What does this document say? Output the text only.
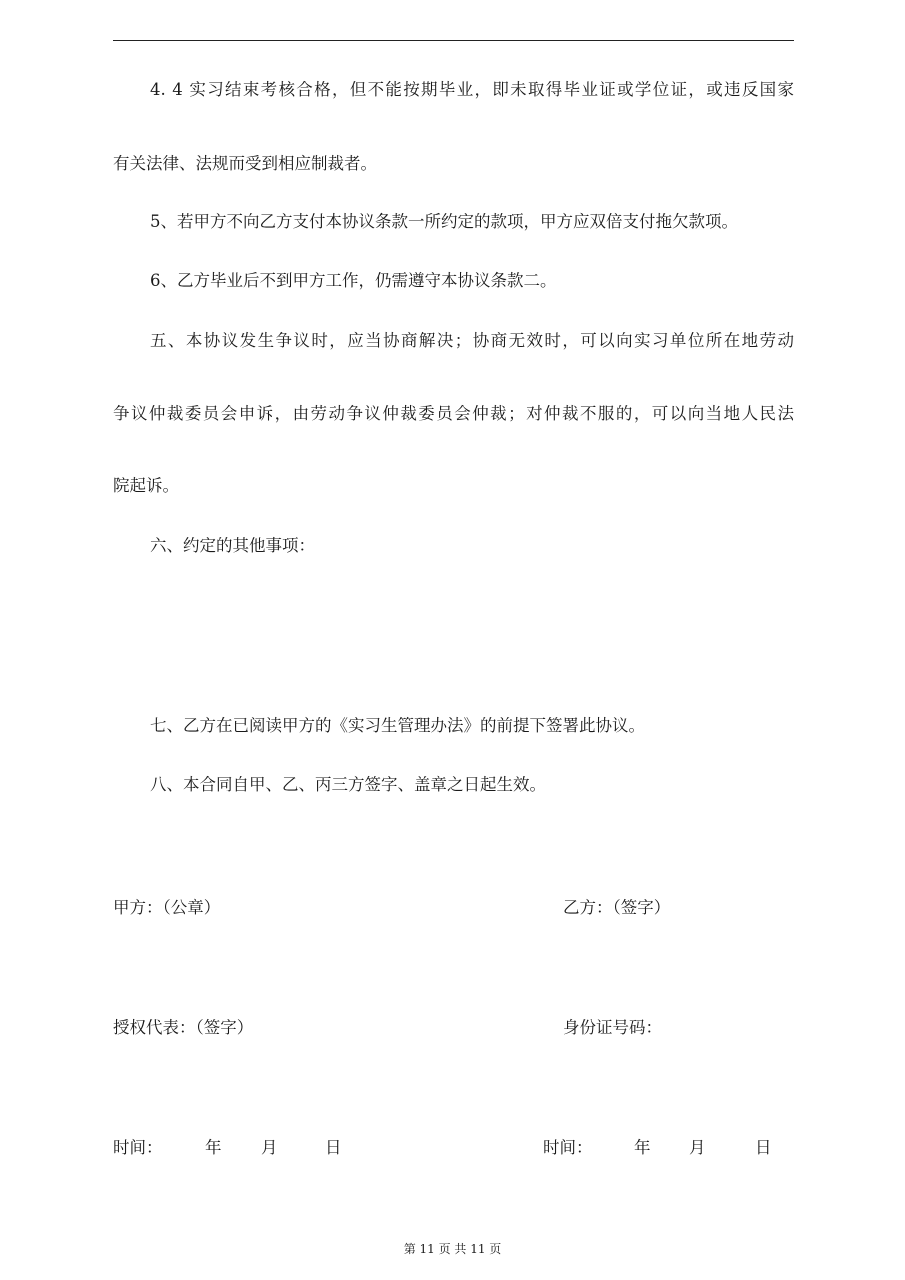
4. 4 实习结束考核合格，但不能按期毕业，即未取得毕业证或学位证，或违反国家
有关法律、法规而受到相应制裁者。
5、若甲方不向乙方支付本协议条款一所约定的款项，甲方应双倍支付拖欠款项。
6、乙方毕业后不到甲方工作，仍需遵守本协议条款二。
五、本协议发生争议时，应当协商解决；协商无效时，可以向实习单位所在地劳动
争议仲裁委员会申诉，由劳动争议仲裁委员会仲裁；对仲裁不服的，可以向当地人民法
院起诉。
六、约定的其他事项：
七、乙方在已阅读甲方的《实习生管理办法》的前提下签署此协议。
八、本合同自甲、乙、丙三方签字、盖章之日起生效。
甲方：（公章）	乙方：（签字）
授权代表：（签字）	身份证号码：
时间：	年 月	日	时间：	年 月	日
第 11 页 共 11 页
